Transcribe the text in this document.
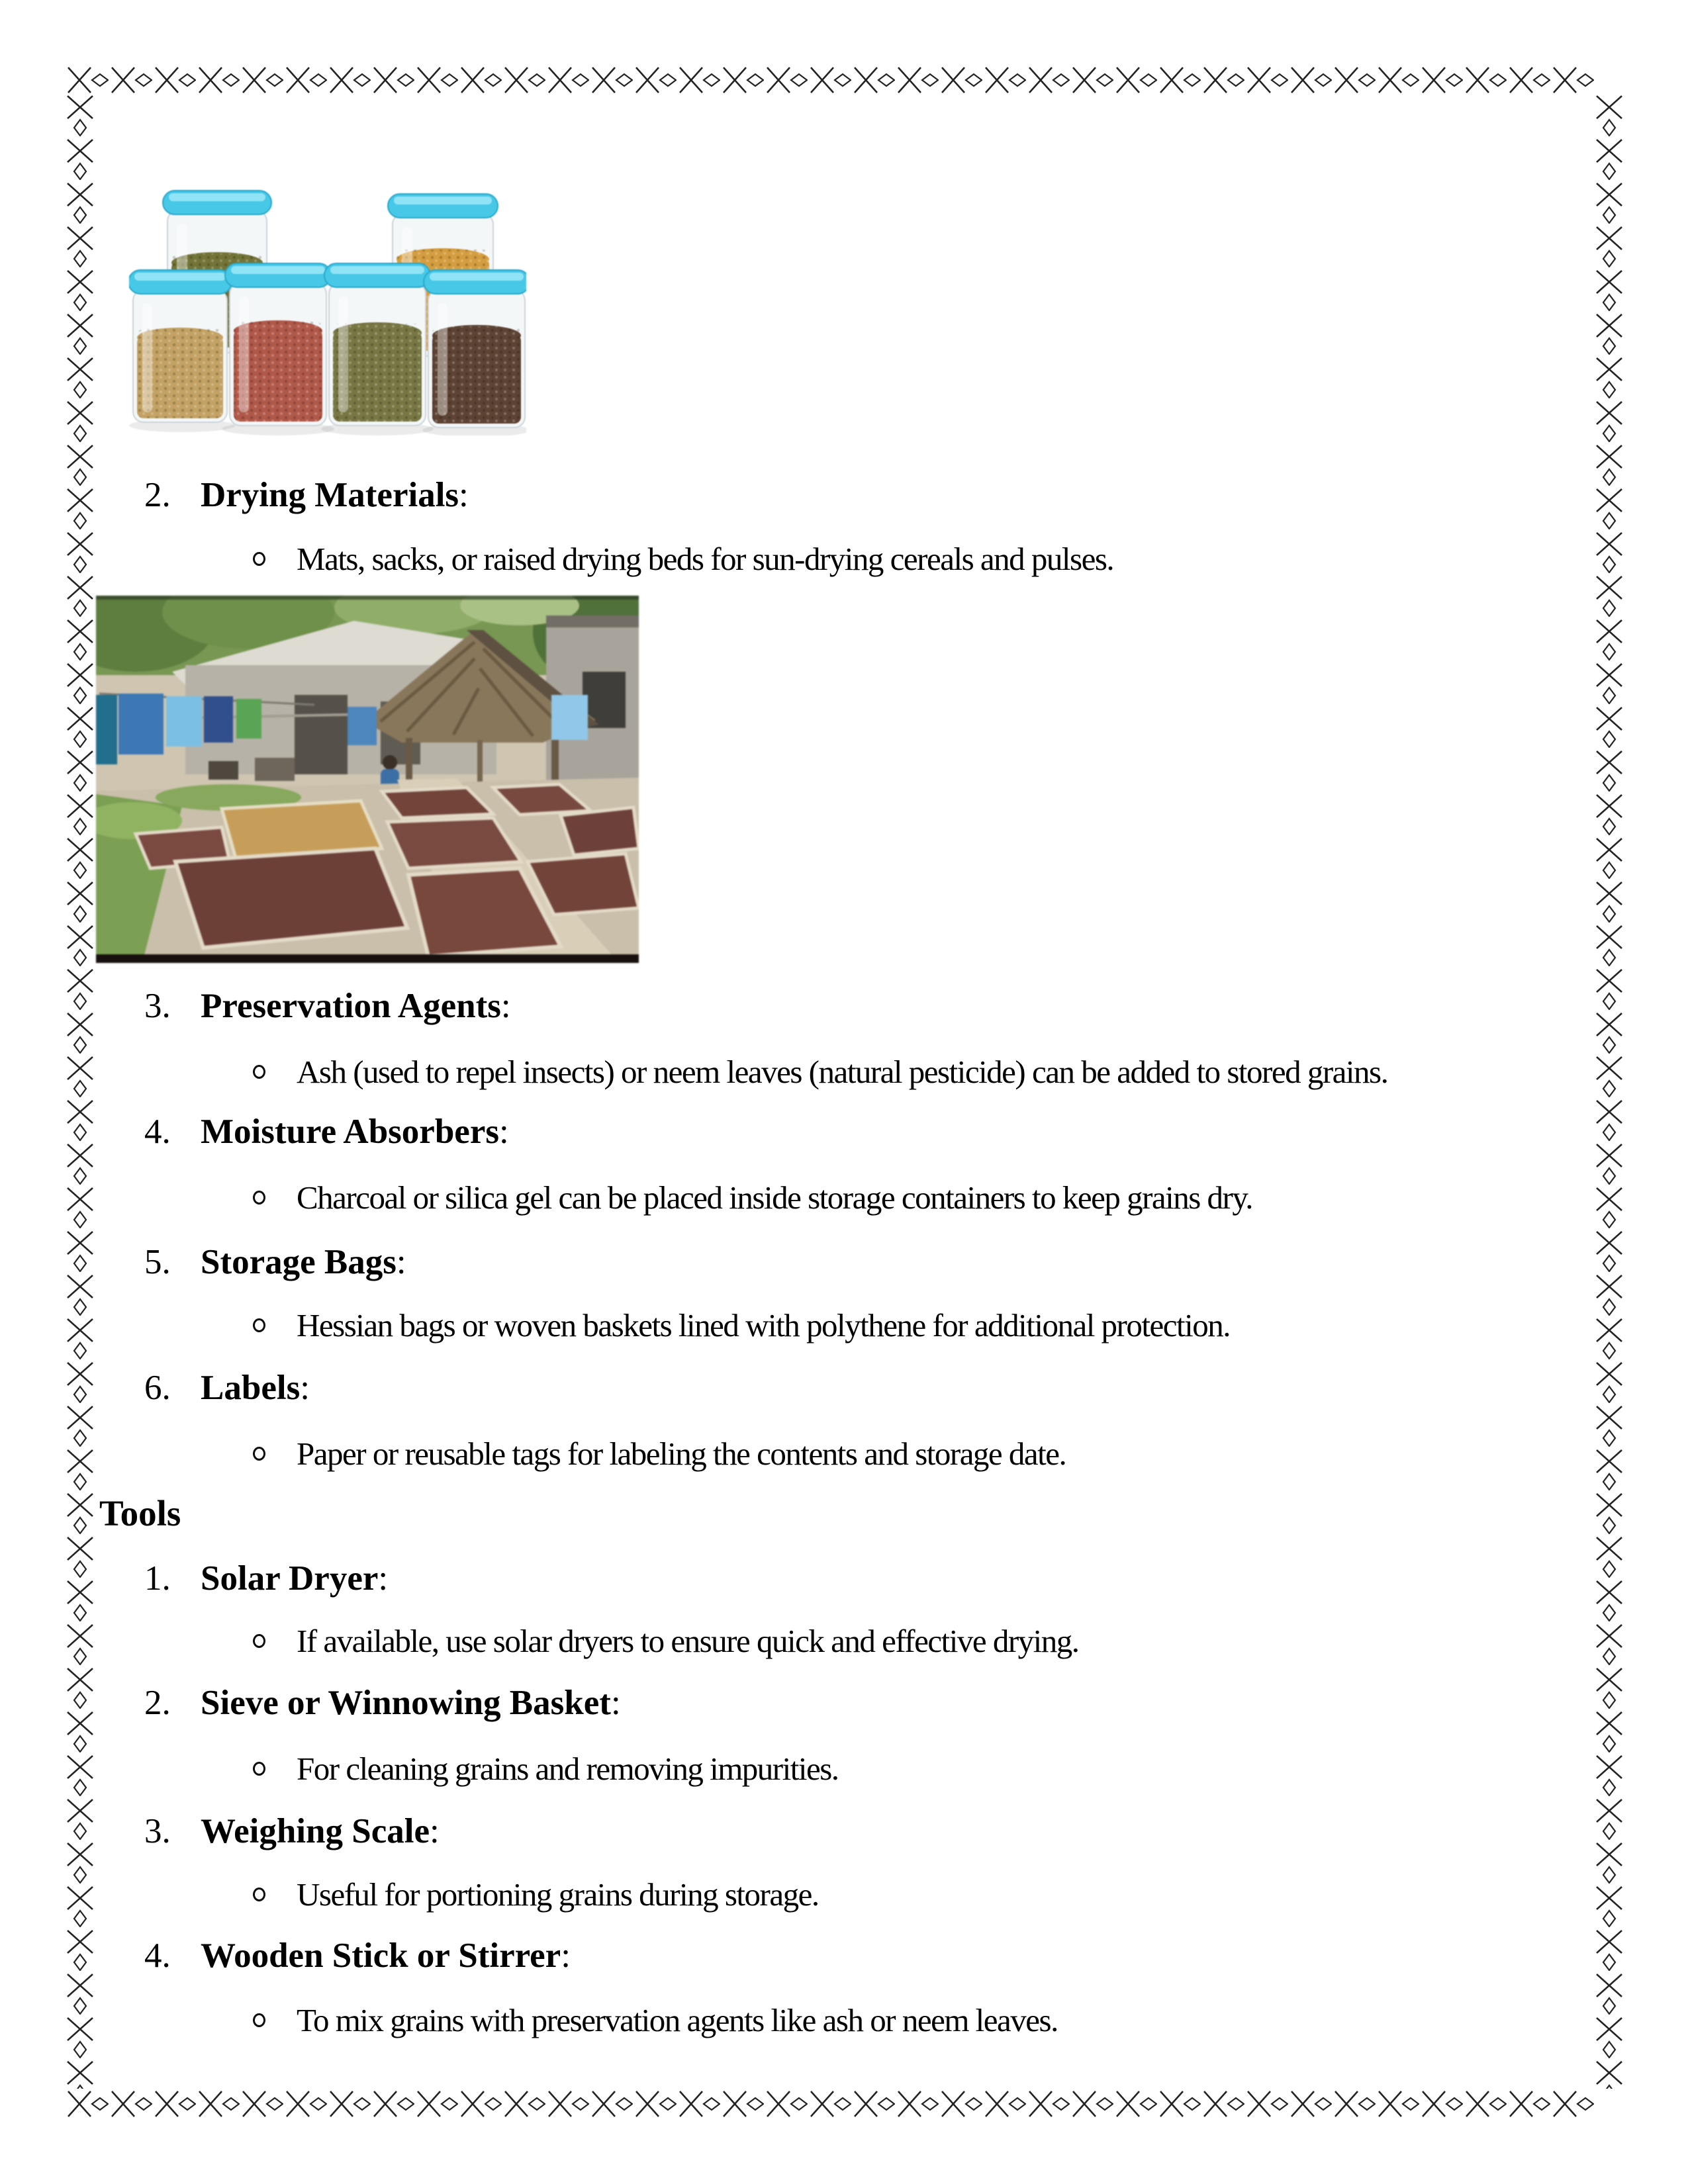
2. Drying Materials:
Mats, sacks, or raised drying beds for sun-drying cereals and pulses.
3. Preservation Agents:
Ash (used to repel insects) or neem leaves (natural pesticide) can be added to stored grains.
4. Moisture Absorbers:
Charcoal or silica gel can be placed inside storage containers to keep grains dry.
5. Storage Bags:
Hessian bags or woven baskets lined with polythene for additional protection.
6. Labels:
Paper or reusable tags for labeling the contents and storage date.
Tools
1. Solar Dryer:
If available, use solar dryers to ensure quick and effective drying.
2. Sieve or Winnowing Basket:
For cleaning grains and removing impurities.
3. Weighing Scale:
Useful for portioning grains during storage.
4. Wooden Stick or Stirrer:
To mix grains with preservation agents like ash or neem leaves.
